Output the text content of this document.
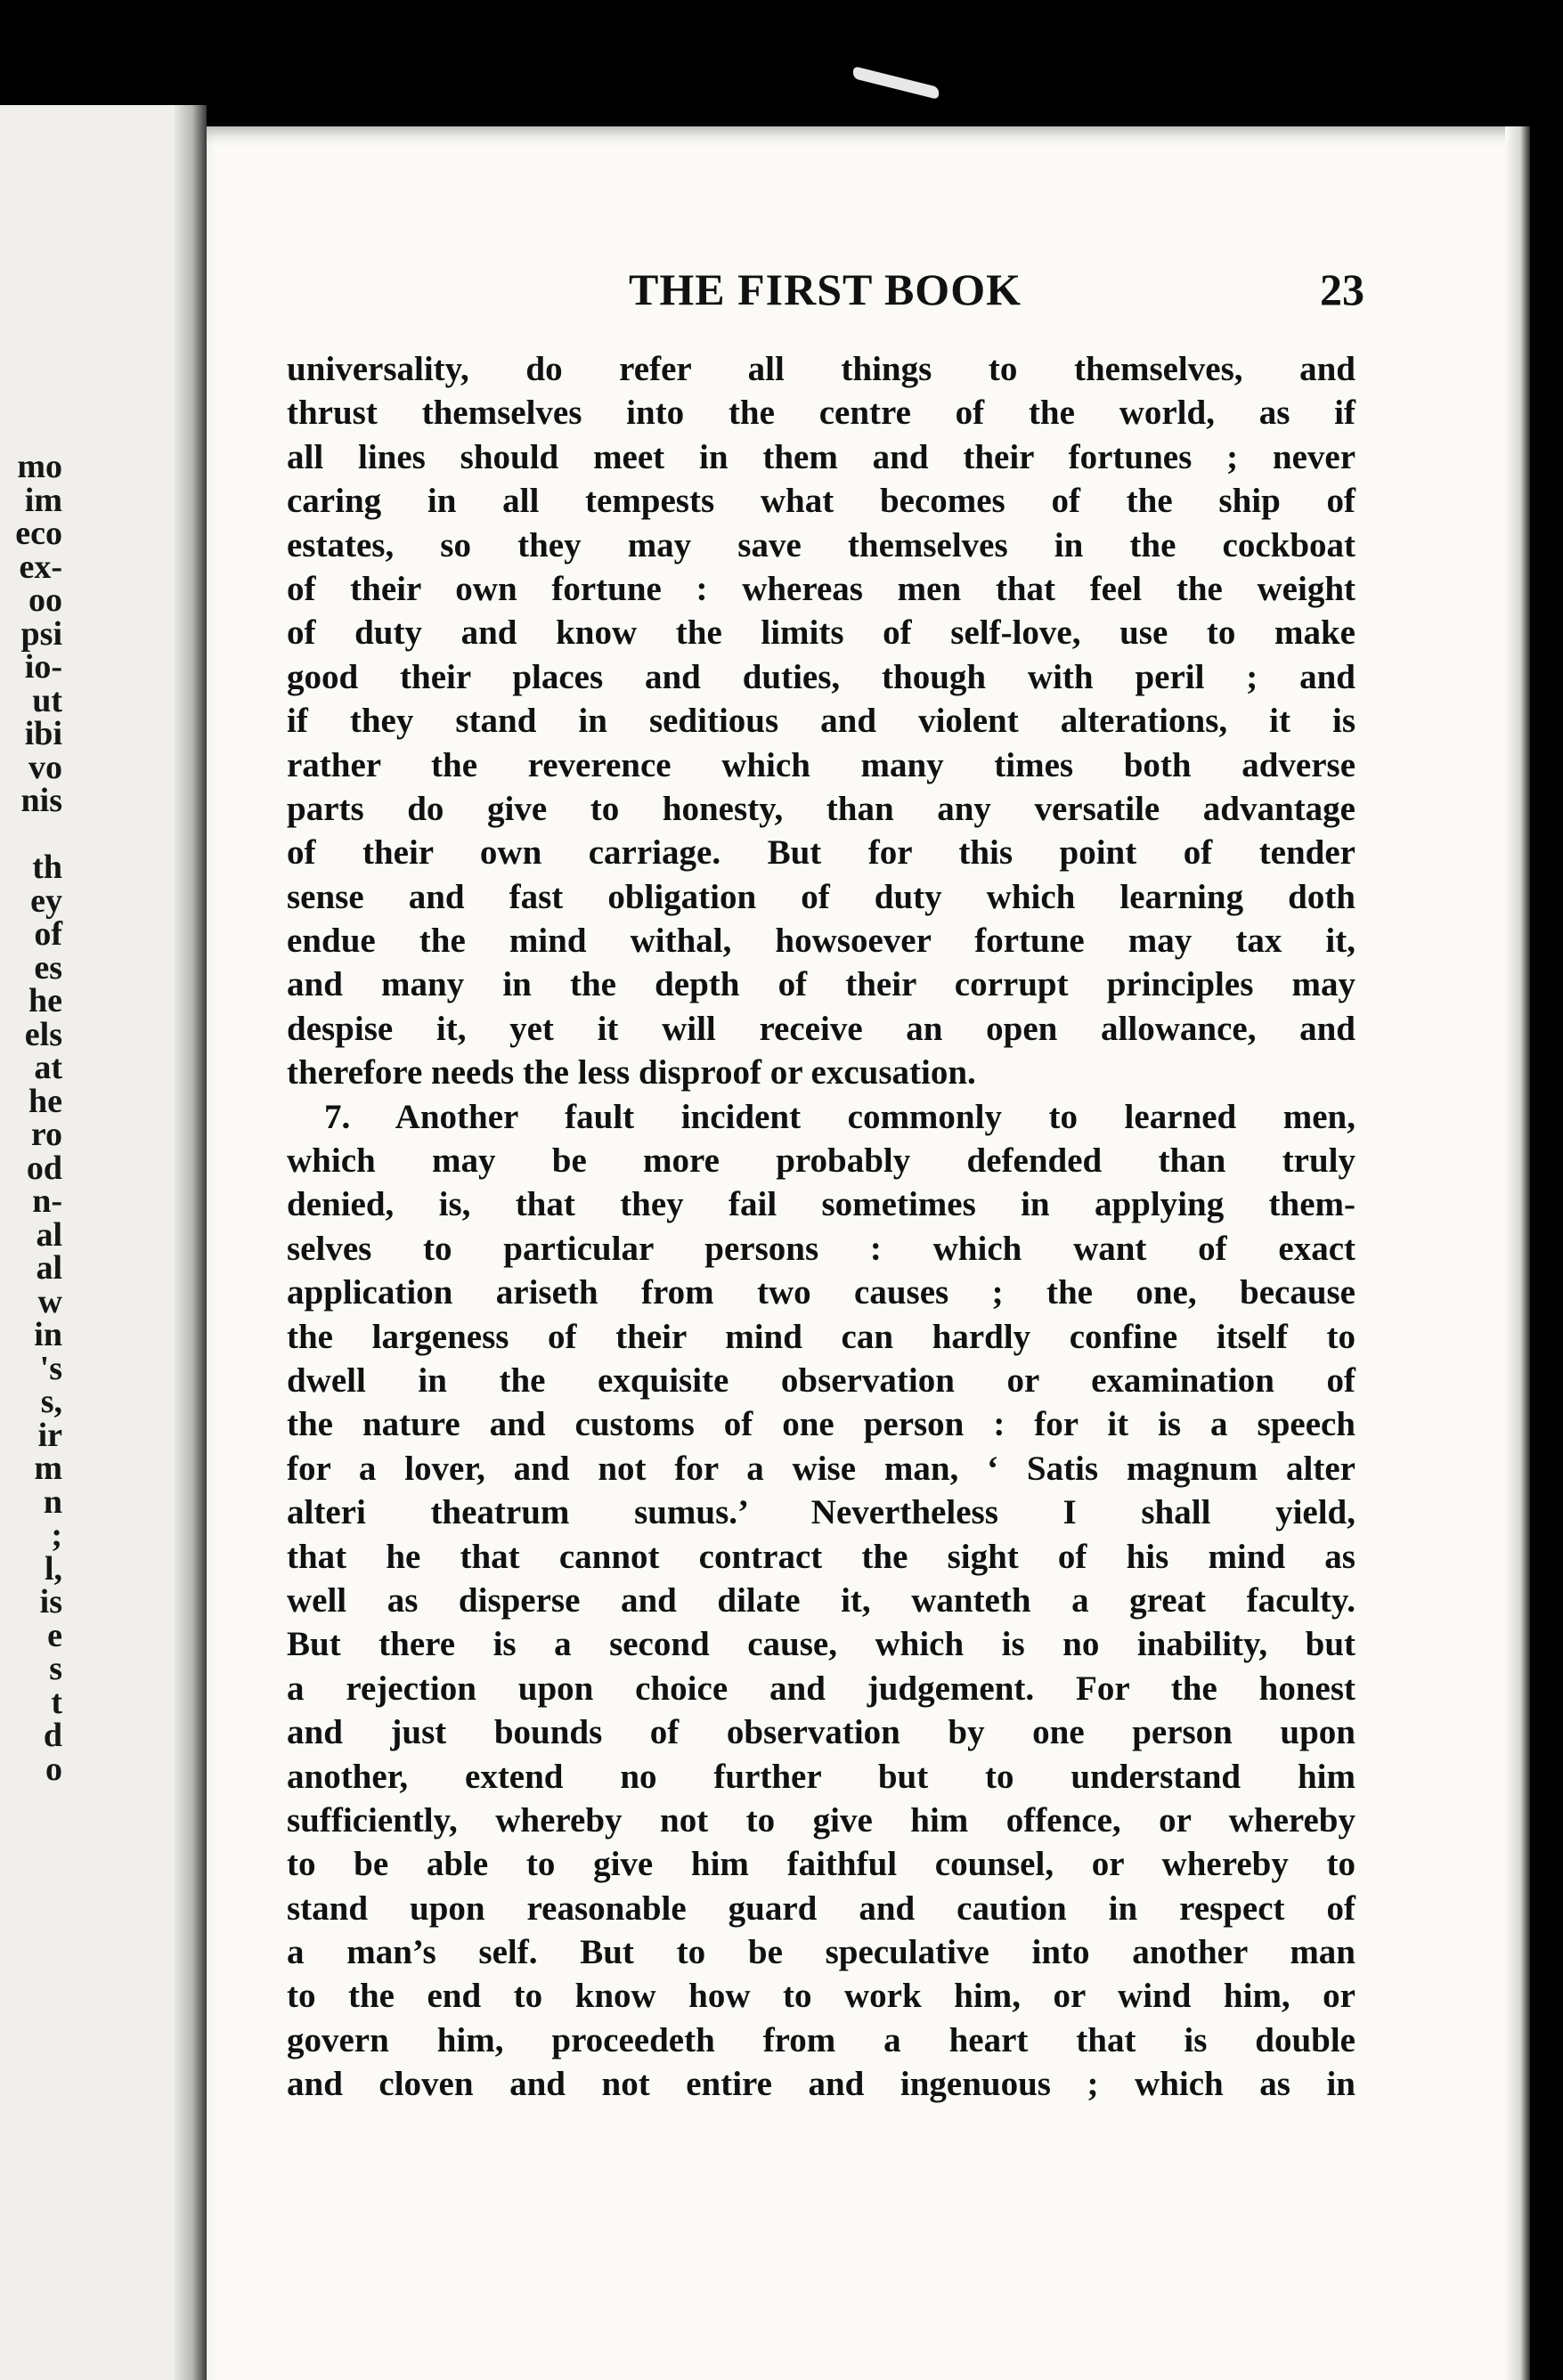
mo
im
eco
ex-
oo
psi
io-
ut
ibi
vo
nis
th
ey
of
es
he
els
at
he
ro
od
n-
al
al
w
in
's
s,
ir
m
n
;
l,
is
e
s
t
d
o
THE FIRST BOOK	23
universality, do refer all things to themselves, and
thrust themselves into the centre of the world, as if
all lines should meet in them and their fortunes ; never
caring in all tempests what becomes of the ship of
estates, so they may save themselves in the cockboat
of their own fortune : whereas men that feel the weight
of duty and know the limits of self-love, use to make
good their places and duties, though with peril ; and
if they stand in seditious and violent alterations, it is
rather the reverence which many times both adverse
parts do give to honesty, than any versatile advantage
of their own carriage. But for this point of tender
sense and fast obligation of duty which learning doth
endue the mind withal, howsoever fortune may tax it,
and many in the depth of their corrupt principles may
despise it, yet it will receive an open allowance, and
therefore needs the less disproof or excusation.
7. Another fault incident commonly to learned men,
which may be more probably defended than truly
denied, is, that they fail sometimes in applying them-
selves to particular persons : which want of exact
application ariseth from two causes ; the one, because
the largeness of their mind can hardly confine itself to
dwell in the exquisite observation or examination of
the nature and customs of one person : for it is a speech
for a lover, and not for a wise man, ‘ Satis magnum alter
alteri theatrum sumus.’ Nevertheless I shall yield,
that he that cannot contract the sight of his mind as
well as disperse and dilate it, wanteth a great faculty.
But there is a second cause, which is no inability, but
a rejection upon choice and judgement. For the honest
and just bounds of observation by one person upon
another, extend no further but to understand him
sufficiently, whereby not to give him offence, or whereby
to be able to give him faithful counsel, or whereby to
stand upon reasonable guard and caution in respect of
a man’s self. But to be speculative into another man
to the end to know how to work him, or wind him, or
govern him, proceedeth from a heart that is double
and cloven and not entire and ingenuous ; which as in
